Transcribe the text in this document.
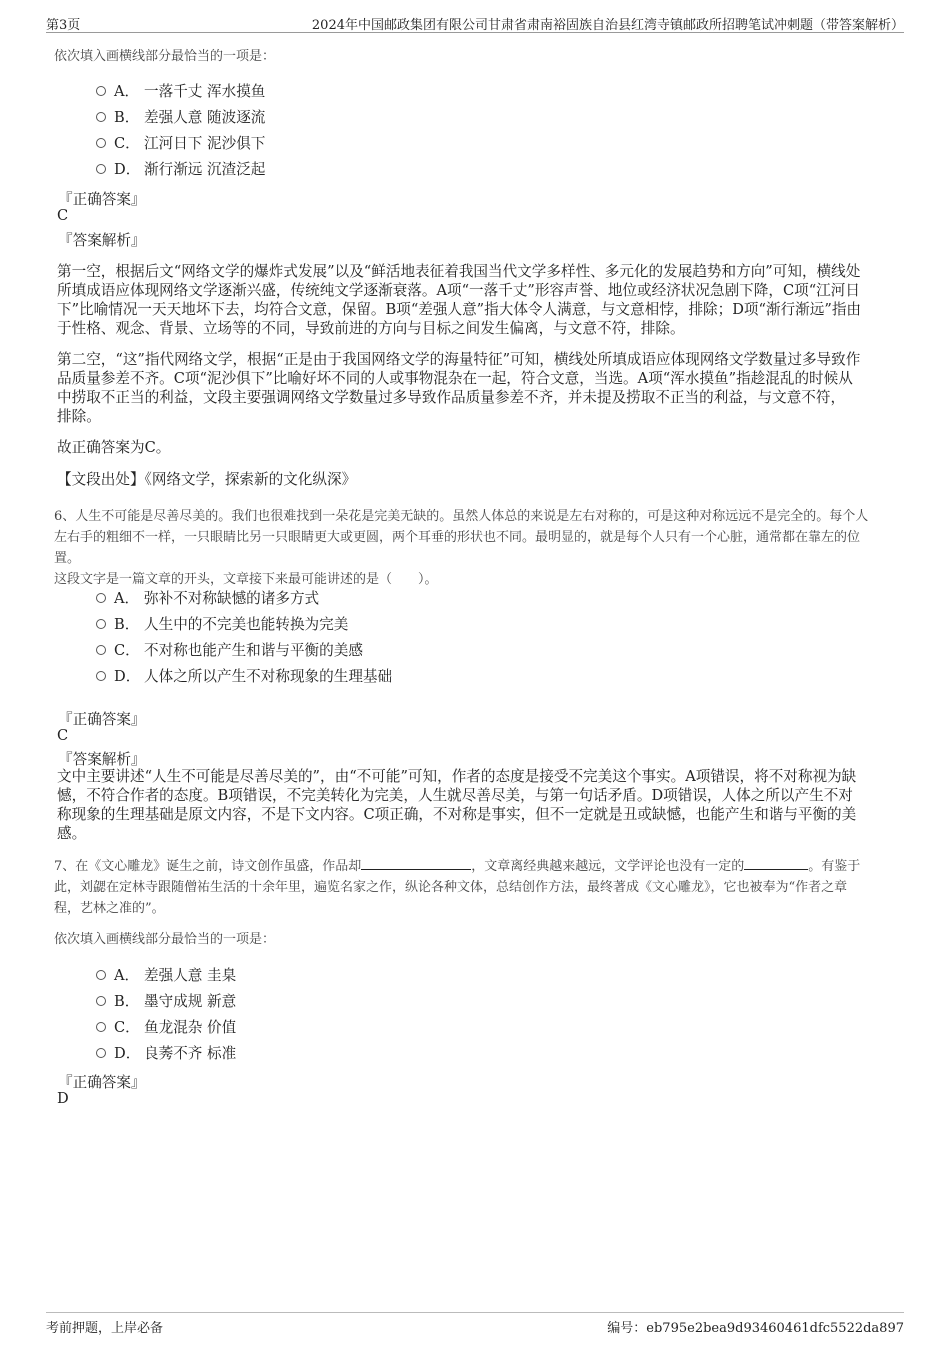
第3页	2024年中国邮政集团有限公司甘肃省肃南裕固族自治县红湾寺镇邮政所招聘笔试冲刺题（带答案解析）
依次填入画横线部分最恰当的一项是：
A． 一落千丈 浑水摸鱼
B． 差强人意 随波逐流
C． 江河日下 泥沙俱下
D． 渐行渐远 沉渣泛起
『正确答案』
C
『答案解析』
第一空，根据后文“网络文学的爆炸式发展”以及“鲜活地表征着我国当代文学多样性、多元化的发展趋势和方向”可知，横线处
所填成语应体现网络文学逐渐兴盛，传统纯文学逐渐衰落。A项“一落千丈”形容声誉、地位或经济状况急剧下降，C项“江河日
下”比喻情况一天天地坏下去，均符合文意，保留。B项“差强人意”指大体令人满意，与文意相悖，排除；D项“渐行渐远”指由
于性格、观念、背景、立场等的不同，导致前进的方向与目标之间发生偏离，与文意不符，排除。
第二空，“这”指代网络文学，根据“正是由于我国网络文学的海量特征”可知，横线处所填成语应体现网络文学数量过多导致作
品质量参差不齐。C项“泥沙俱下”比喻好坏不同的人或事物混杂在一起，符合文意，当选。A项“浑水摸鱼”指趁混乱的时候从
中捞取不正当的利益，文段主要强调网络文学数量过多导致作品质量参差不齐，并未提及捞取不正当的利益，与文意不符，
排除。
故正确答案为C。
【文段出处】《网络文学，探索新的文化纵深》
6、人生不可能是尽善尽美的。我们也很难找到一朵花是完美无缺的。虽然人体总的来说是左右对称的，可是这种对称远远不是完全的。每个人
左右手的粗细不一样，一只眼睛比另一只眼睛更大或更圆，两个耳垂的形状也不同。最明显的，就是每个人只有一个心脏，通常都在靠左的位
置。
这段文字是一篇文章的开头，文章接下来最可能讲述的是（　　）。
A． 弥补不对称缺憾的诸多方式
B． 人生中的不完美也能转换为完美
C． 不对称也能产生和谐与平衡的美感
D． 人体之所以产生不对称现象的生理基础
『正确答案』
C
『答案解析』
文中主要讲述“人生不可能是尽善尽美的”，由“不可能”可知，作者的态度是接受不完美这个事实。A项错误，将不对称视为缺
憾，不符合作者的态度。B项错误，不完美转化为完美，人生就尽善尽美，与第一句话矛盾。D项错误，人体之所以产生不对
称现象的生理基础是原文内容，不是下文内容。C项正确，不对称是事实，但不一定就是丑或缺憾，也能产生和谐与平衡的美
感。
7、在《文心雕龙》诞生之前，诗文创作虽盛，作品却	，文章离经典越来越远，文学评论也没有一定的	。有鉴于
此，刘勰在定林寺跟随僧祐生活的十余年里，遍览名家之作，纵论各种文体，总结创作方法，最终著成《文心雕龙》，它也被奉为“作者之章
程，艺林之准的”。
依次填入画横线部分最恰当的一项是：
A． 差强人意 圭臬
B． 墨守成规 新意
C． 鱼龙混杂 价值
D． 良莠不齐 标准
『正确答案』
D
考前押题，上岸必备	编号：eb795e2bea9d93460461dfc5522da897
